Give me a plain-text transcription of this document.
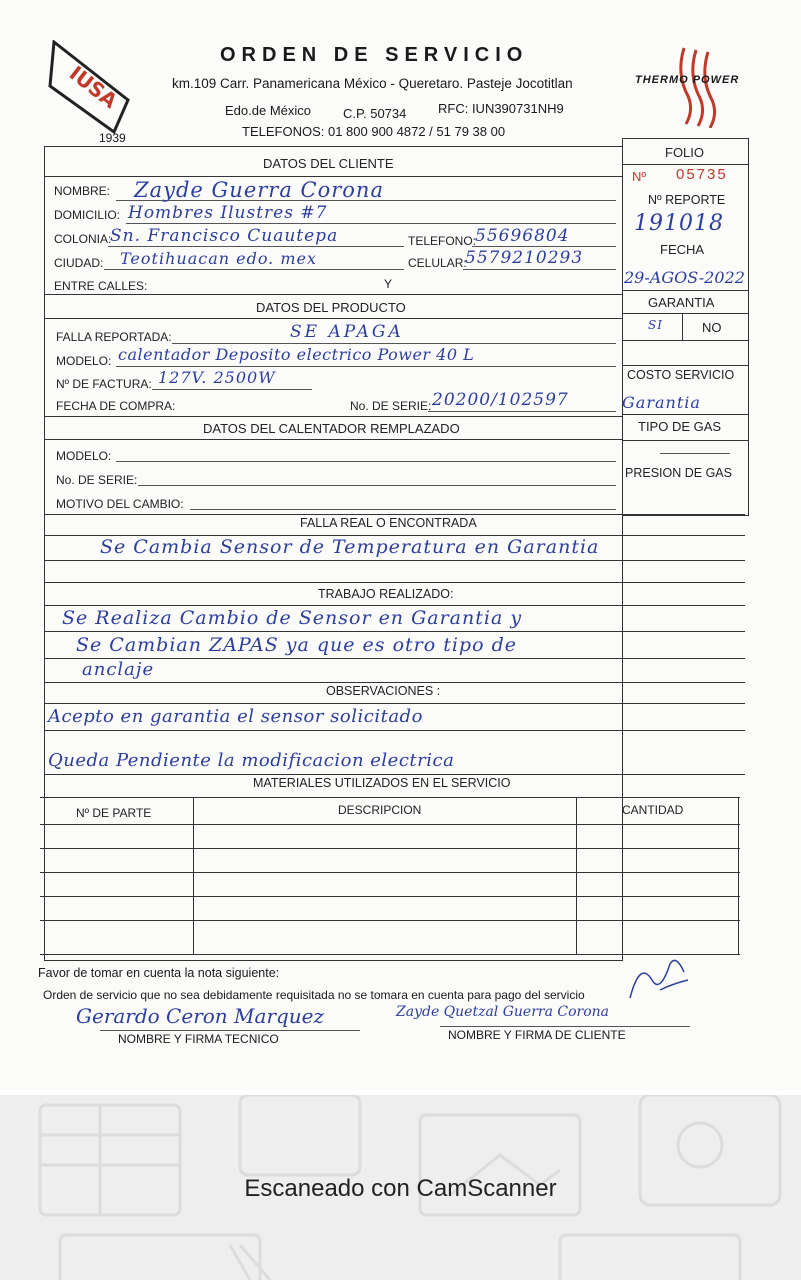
IUSA
1939
ORDEN DE SERVICIO
km.109 Carr. Panamericana México - Queretaro. Pasteje Jocotitlan
Edo.de México C.P. 50734 RFC: IUN390731NH9
TELEFONOS: 01 800 900 4872 / 51 79 38 00
THERMO POWER
FOLIO
Nº 05735
Nº REPORTE
191018
FECHA
29-AGOS-2022
GARANTIA
SI	NO
COSTO SERVICIO
Garantia
TIPO DE GAS
PRESION DE GAS
DATOS DEL CLIENTE
NOMBRE: Zayde Guerra Corona
DOMICILIO: Hombres Ilustres #7
COLONIA:
Sn. Francisco Cuautepa	TELEFONO:
55696804
CIUDAD: Teotihuacan edo. mex	CELULAR:
5579210293
ENTRE CALLES:	Y
DATOS DEL PRODUCTO
FALLA REPORTADA:	SE APAGA
MODELO: calentador Deposito electrico Power 40 L
Nº DE FACTURA: 127V. 2500W
FECHA DE COMPRA:	No. DE SERIE: 20200/102597
DATOS DEL CALENTADOR REMPLAZADO
MODELO:
No. DE SERIE:
MOTIVO DEL CAMBIO:
FALLA REAL O ENCONTRADA
Se Cambia Sensor de Temperatura en Garantia
TRABAJO REALIZADO:
Se Realiza Cambio de Sensor en Garantia y
Se Cambian ZAPAS ya que es otro tipo de
anclaje
OBSERVACIONES :
Acepto en garantia el sensor solicitado
Queda Pendiente la modificacion electrica
MATERIALES UTILIZADOS EN EL SERVICIO
Nº DE PARTE	DESCRIPCION	CANTIDAD
Favor de tomar en cuenta la nota siguiente:
Orden de servicio que no sea debidamente requisitada no se tomara en cuenta para pago del servicio
Gerardo Ceron Marquez
NOMBRE Y FIRMA TECNICO
Zayde Quetzal Guerra Corona
NOMBRE Y FIRMA DE CLIENTE
Escaneado con CamScanner
